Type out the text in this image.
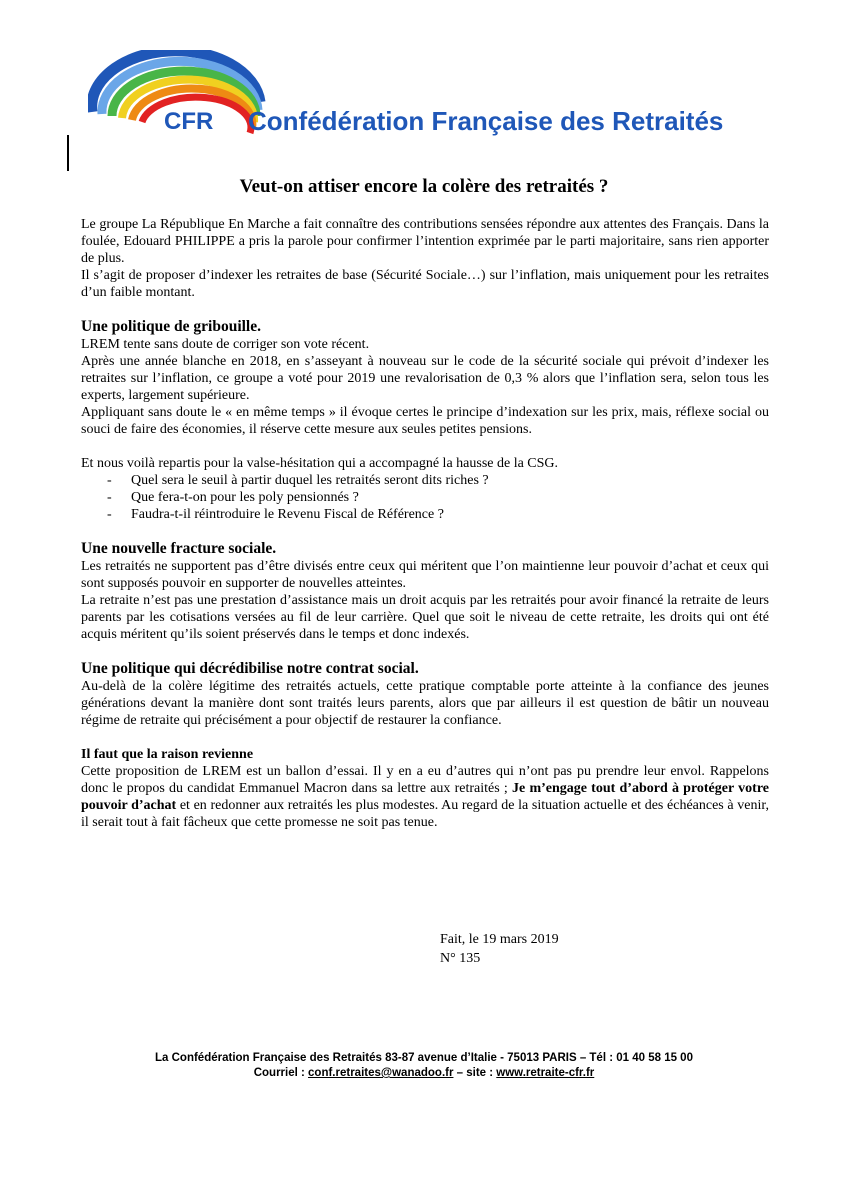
CFR Confédération Française des Retraités
Veut-on attiser encore la colère des retraités ?

Le groupe La République En Marche a fait connaître des contributions sensées répondre aux attentes des Français. Dans la foulée, Edouard PHILIPPE a pris la parole pour confirmer l’intention exprimée par le parti majoritaire, sans rien apporter de plus.

Il s’agit de proposer d’indexer les retraites de base (Sécurité Sociale…) sur l’inflation, mais uniquement pour les retraites d’un faible montant.

Une politique de gribouille.

LREM tente sans doute de corriger son vote récent.

Après une année blanche en 2018, en s’asseyant à nouveau sur le code de la sécurité sociale qui prévoit d’indexer les retraites sur l’inflation, ce groupe a voté pour 2019 une revalorisation de 0,3 % alors que l’inflation sera, selon tous les experts, largement supérieure.

Appliquant sans doute le « en même temps » il évoque certes le principe d’indexation sur les prix, mais, réflexe social ou souci de faire des économies, il réserve cette mesure aux seules petites pensions.

Et nous voilà repartis pour la valse-hésitation qui a accompagné la hausse de la CSG.

- Quel sera le seuil à partir duquel les retraités seront dits riches ?
- Que fera-t-on pour les poly pensionnés ?
- Faudra-t-il réintroduire le Revenu Fiscal de Référence ?

Une nouvelle fracture sociale.

Les retraités ne supportent pas d’être divisés entre ceux qui méritent que l’on maintienne leur pouvoir d’achat et ceux qui sont supposés pouvoir en supporter de nouvelles atteintes.

La retraite n’est pas une prestation d’assistance mais un droit acquis par les retraités pour avoir financé la retraite de leurs parents par les cotisations versées au fil de leur carrière. Quel que soit le niveau de cette retraite, les droits qui ont été acquis méritent qu’ils soient préservés dans le temps et donc indexés.

Une politique qui décrédibilise notre contrat social.

Au-delà de la colère légitime des retraités actuels, cette pratique comptable porte atteinte à la confiance des jeunes générations devant la manière dont sont traités leurs parents, alors que par ailleurs il est question de bâtir un nouveau régime de retraite qui précisément a pour objectif de restaurer la confiance.

Il faut que la raison revienne

Cette proposition de LREM est un ballon d’essai. Il y en a eu d’autres qui n’ont pas pu prendre leur envol. Rappelons donc le propos du candidat Emmanuel Macron dans sa lettre aux retraités ; Je m’engage tout d’abord à protéger votre pouvoir d’achat et en redonner aux retraités les plus modestes. Au regard de la situation actuelle et des échéances à venir, il serait tout à fait fâcheux que cette promesse ne soit pas tenue.

Fait, le 19 mars 2019
N° 135
La Confédération Française des Retraités 83-87 avenue d’Italie - 75013 PARIS – Tél : 01 40 58 15 00
Courriel : conf.retraites@wanadoo.fr – site : www.retraite-cfr.fr
